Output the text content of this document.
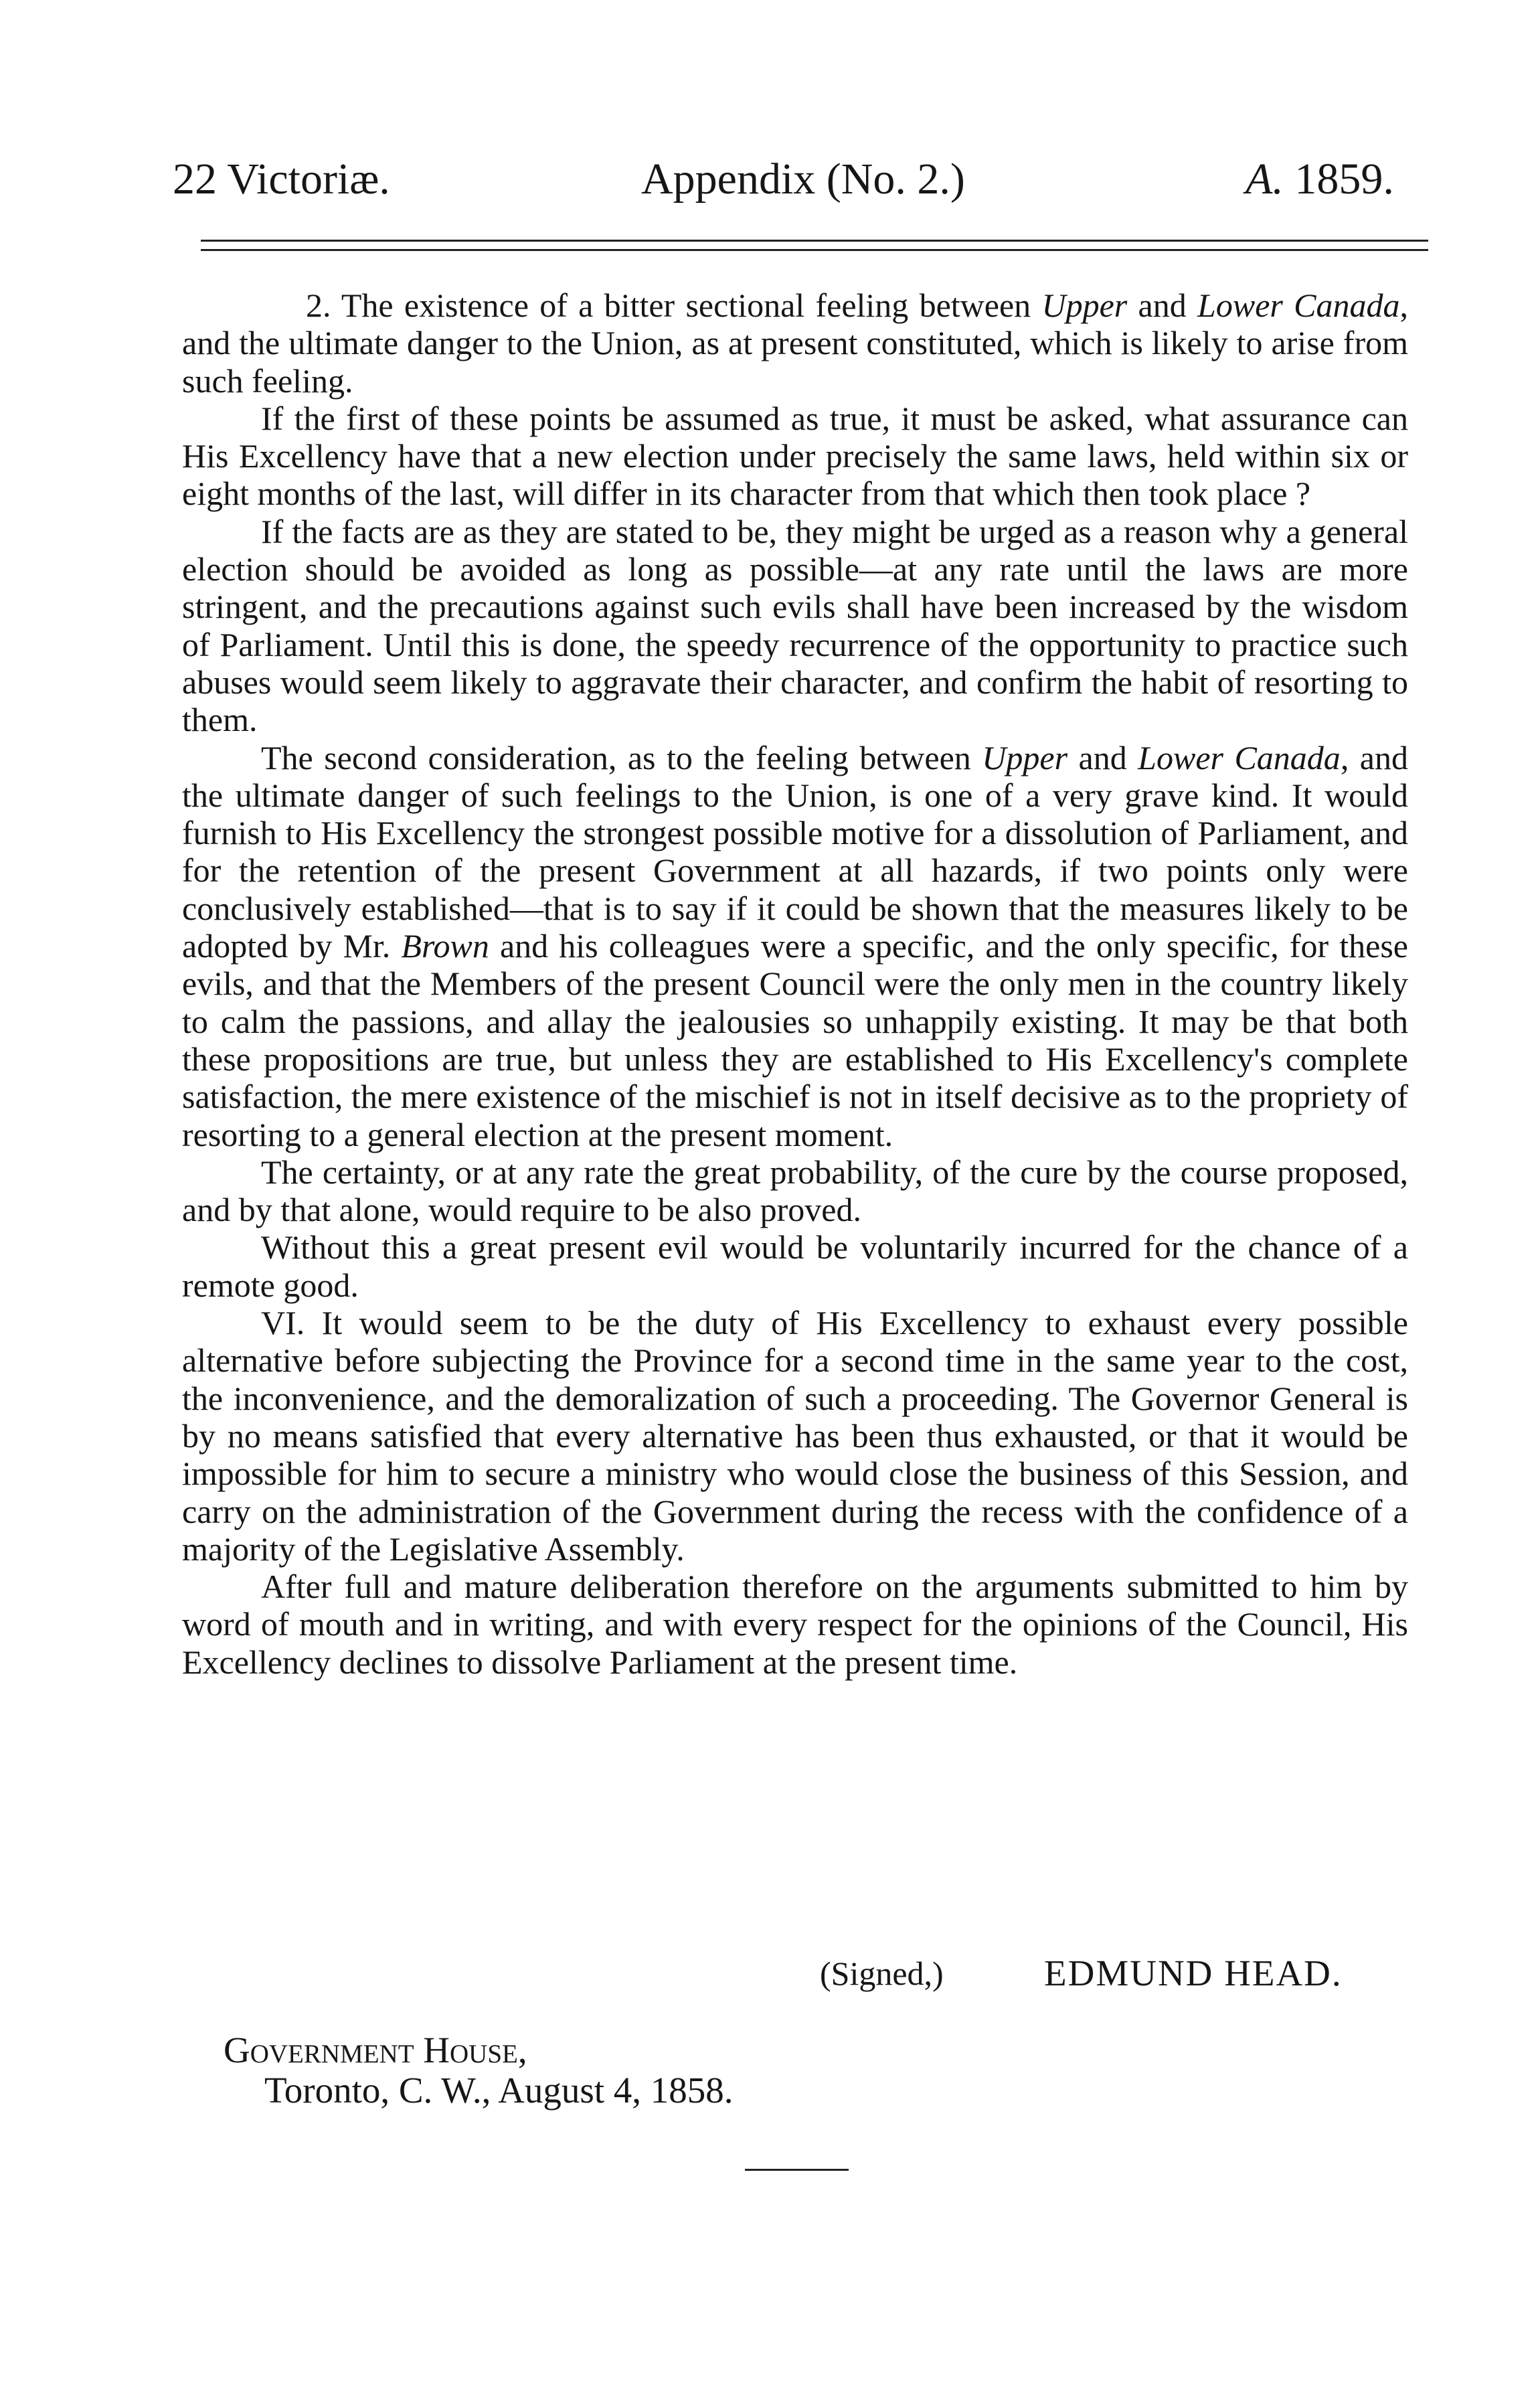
22 Victoriæ.	Appendix (No. 2.)	A. 1859.

2. The existence of a bitter sectional feeling between Upper and Lower Canada, and the ultimate danger to the Union, as at present constituted, which is likely to arise from such feeling.

If the first of these points be assumed as true, it must be asked, what assurance can His Excellency have that a new election under precisely the same laws, held within six or eight months of the last, will differ in its character from that which then took place ?

If the facts are as they are stated to be, they might be urged as a reason why a general election should be avoided as long as possible—at any rate until the laws are more stringent, and the precautions against such evils shall have been increased by the wisdom of Parliament. Until this is done, the speedy recurrence of the opportunity to practice such abuses would seem likely to aggravate their character, and confirm the habit of resorting to them.

The second consideration, as to the feeling between Upper and Lower Canada, and the ultimate danger of such feelings to the Union, is one of a very grave kind. It would furnish to His Excellency the strongest possible motive for a dissolution of Parliament, and for the retention of the present Government at all hazards, if two points only were conclusively established—that is to say if it could be shown that the measures likely to be adopted by Mr. Brown and his colleagues were a specific, and the only specific, for these evils, and that the Members of the present Council were the only men in the country likely to calm the passions, and allay the jealousies so unhappily existing. It may be that both these propositions are true, but unless they are established to His Excellency's complete satisfaction, the mere existence of the mischief is not in itself decisive as to the propriety of resorting to a general election at the present moment.

The certainty, or at any rate the great probability, of the cure by the course proposed, and by that alone, would require to be also proved.

Without this a great present evil would be voluntarily incurred for the chance of a remote good.

VI. It would seem to be the duty of His Excellency to exhaust every possible alternative before subjecting the Province for a second time in the same year to the cost, the inconvenience, and the demoralization of such a proceeding. The Governor General is by no means satisfied that every alternative has been thus exhausted, or that it would be impossible for him to secure a ministry who would close the business of this Session, and carry on the administration of the Government during the recess with the confidence of a majority of the Legislative Assembly.

After full and mature deliberation therefore on the arguments submitted to him by word of mouth and in writing, and with every respect for the opinions of the Council, His Excellency declines to dissolve Parliament at the present time.

(Signed,)	EDMUND HEAD.
Government House,
Toronto, C. W., August 4, 1858.
